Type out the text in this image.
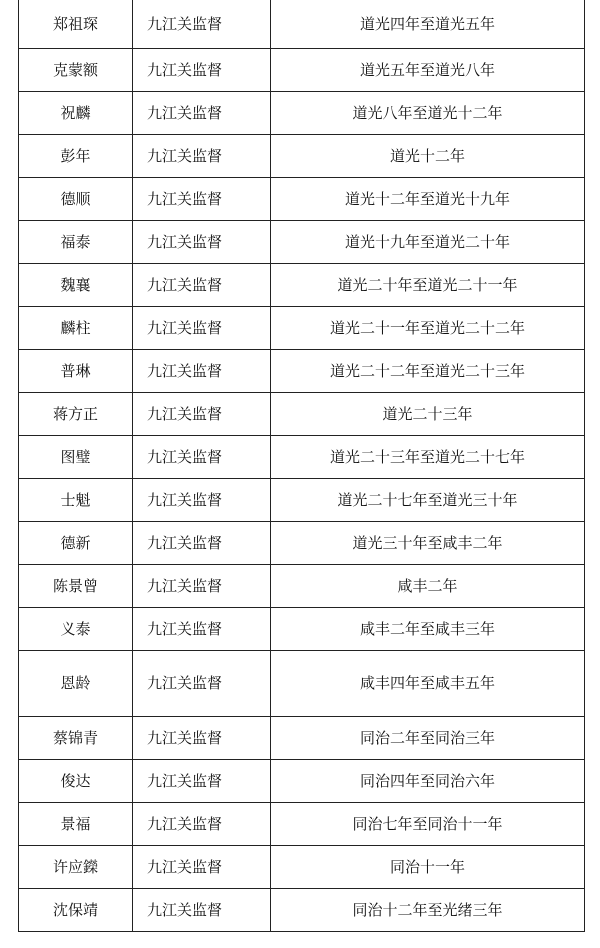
郑祖琛	九江关监督	道光四年至道光五年
克蒙额	九江关监督	道光五年至道光八年
祝麟	九江关监督	道光八年至道光十二年
彭年	九江关监督	道光十二年
德顺	九江关监督	道光十二年至道光十九年
福泰	九江关监督	道光十九年至道光二十年
魏襄	九江关监督	道光二十年至道光二十一年
麟柱	九江关监督	道光二十一年至道光二十二年
普琳	九江关监督	道光二十二年至道光二十三年
蒋方正	九江关监督	道光二十三年
图璧	九江关监督	道光二十三年至道光二十七年
士魁	九江关监督	道光二十七年至道光三十年
德新	九江关监督	道光三十年至咸丰二年
陈景曾	九江关监督	咸丰二年
义泰	九江关监督	咸丰二年至咸丰三年
恩龄	九江关监督	咸丰四年至咸丰五年
蔡锦青	九江关监督	同治二年至同治三年
俊达	九江关监督	同治四年至同治六年
景福	九江关监督	同治七年至同治十一年
许应鑅	九江关监督	同治十一年
沈保靖	九江关监督	同治十二年至光绪三年
